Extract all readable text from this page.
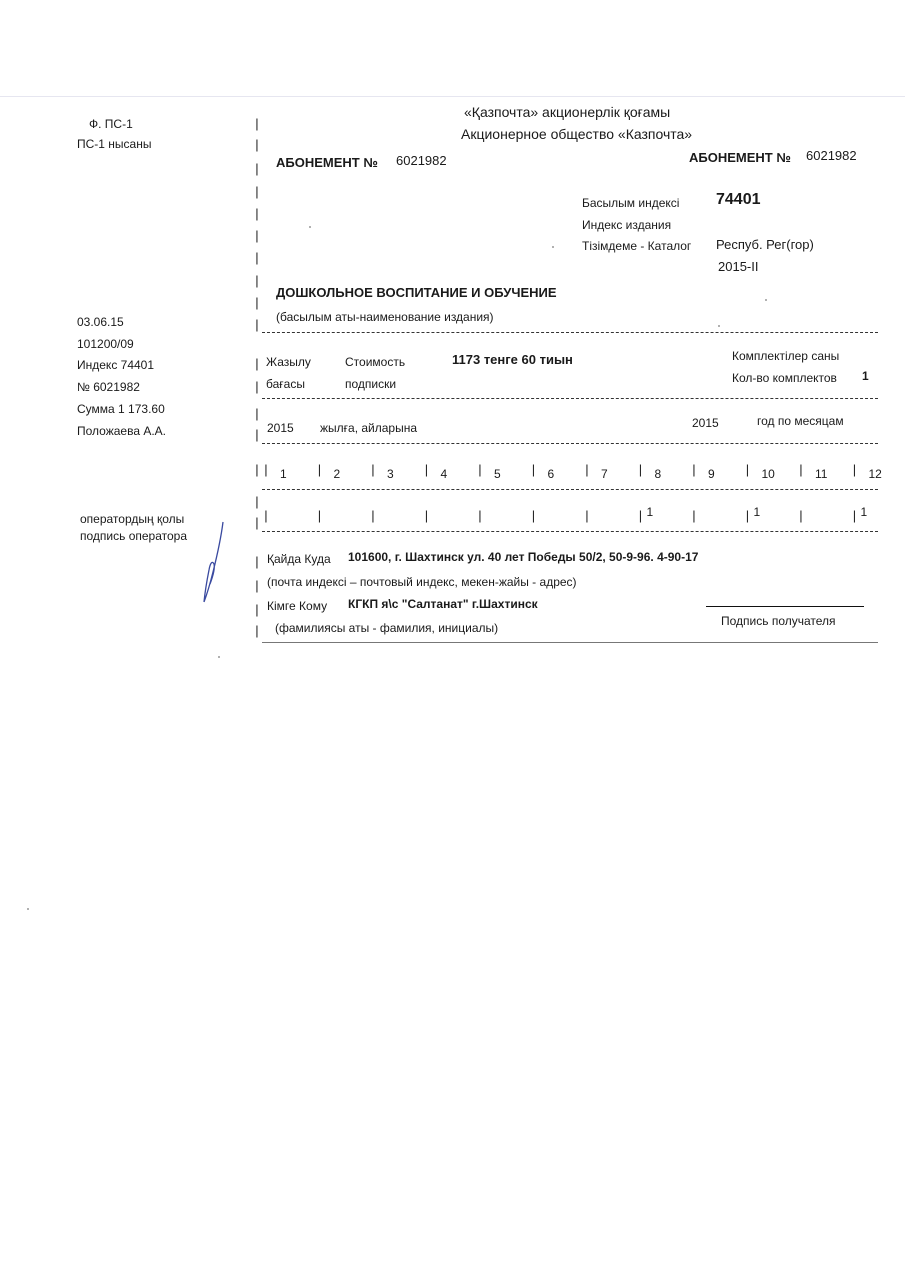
Ф. ПС-1
ПС-1 нысаны
03.06.15
101200/09
Индекс 74401
№ 6021982
Сумма 1 173.60
Положаева А.А.
оператордың қолы
подпись оператора
|
|
|
|
|
|
|
|
|
|
|
|
|
|
|
|
|
|
|
|
|
«Қазпочта» акционерлік қоғамы
Акционерное общество «Казпочта»
АБОНЕМЕНТ № 6021982	АБОНЕМЕНТ № 6021982
Басылым индексі
Индекс издания
74401
Тізімдеме - Каталог Респуб. Рег(гор)
2015-II
ДОШКОЛЬНОЕ ВОСПИТАНИЕ И ОБУЧЕНИЕ
(басылым аты-наименование издания)
Жазылу
бағасы
Стоимость
подписки
1173 тенге 60 тиын	Комплектілер саны
Кол-во комплектов 1
2015 жылға, айларына	2015	год по месяцам
| 1 | 2 | 3 | 4 | 5 | 6 | 7 | 8 | 9 | 10 | 11 | 12
|	|	|	|	|	|	|	| 1	|	| 1	|	| 1
Қайда Куда 101600, г. Шахтинск ул. 40 лет Победы 50/2, 50-9-96. 4-90-17
(почта индексі – почтовый индекс, мекен-жайы - адрес)
Кімге Кому КГКП я\с "Салтанат" г.Шахтинск
(фамилиясы аты - фамилия, инициалы)	Подпись получателя
